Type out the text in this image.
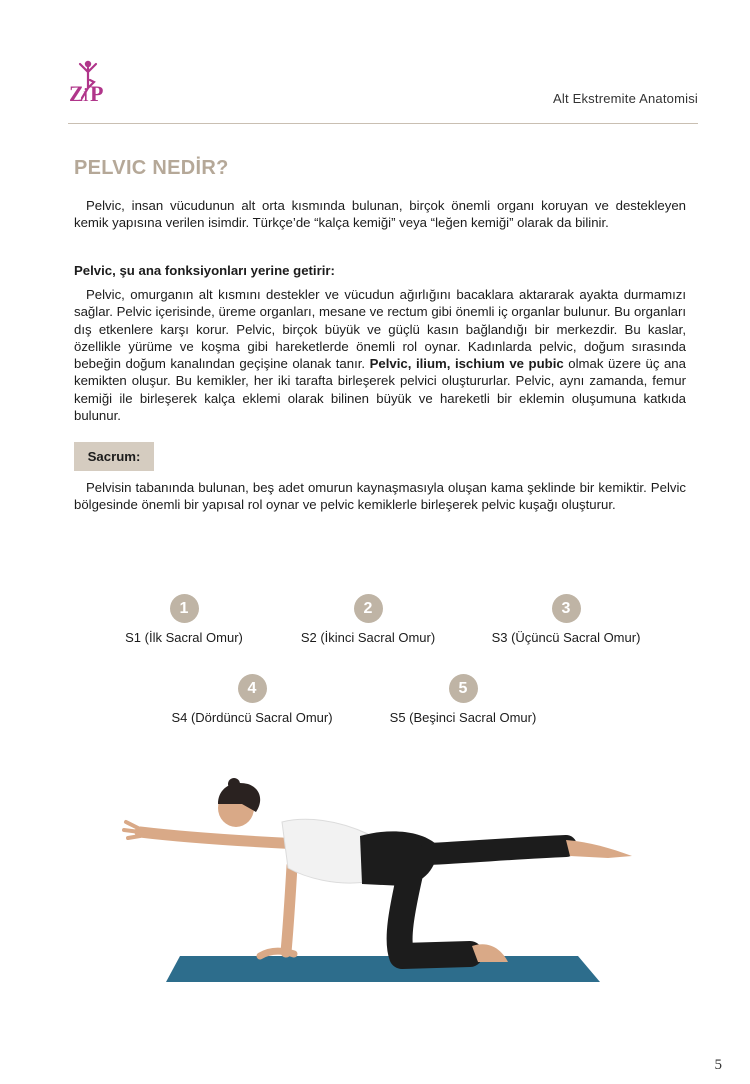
Z i P	Alt Ekstremite Anatomisi
PELVIC NEDİR?

Pelvic, insan vücudunun alt orta kısmında bulunan, birçok önemli organı koruyan ve destekleyen kemik yapısına verilen isimdir. Türkçe’de “kalça kemiği” veya “leğen kemiği” olarak da bilinir.

Pelvic, şu ana fonksiyonları yerine getirir:

Pelvic, omurganın alt kısmını destekler ve vücudun ağırlığını bacaklara aktararak ayakta durmamızı sağlar. Pelvic içerisinde, üreme organları, mesane ve rectum gibi önemli iç organlar bulunur. Bu organları dış etkenlere karşı korur. Pelvic, birçok büyük ve güçlü kasın bağlandığı bir merkezdir. Bu kaslar, özellikle yürüme ve koşma gibi hareketlerde önemli rol oynar. Kadınlarda pelvic, doğum sırasında bebeğin doğum kanalından geçişine olanak tanır. Pelvic, ilium, ischium ve pubic olmak üzere üç ana kemikten oluşur. Bu kemikler, her iki tarafta birleşerek pelvici oluştururlar. Pelvic, aynı zamanda, femur kemiği ile birleşerek kalça eklemi olarak bilinen büyük ve hareketli bir eklemin oluşumuna katkıda bulunur.

Sacrum:

Pelvisin tabanında bulunan, beş adet omurun kaynaşmasıyla oluşan kama şeklinde bir kemiktir. Pelvic bölgesinde önemli bir yapısal rol oynar ve pelvic kemiklerle birleşerek pelvic kuşağı oluşturur.

1
S1 (İlk Sacral Omur)
2
S2 (İkinci Sacral Omur)
3
S3 (Üçüncü Sacral Omur)
4
S4 (Dördüncü Sacral Omur)
5
S5 (Beşinci Sacral Omur)
5
